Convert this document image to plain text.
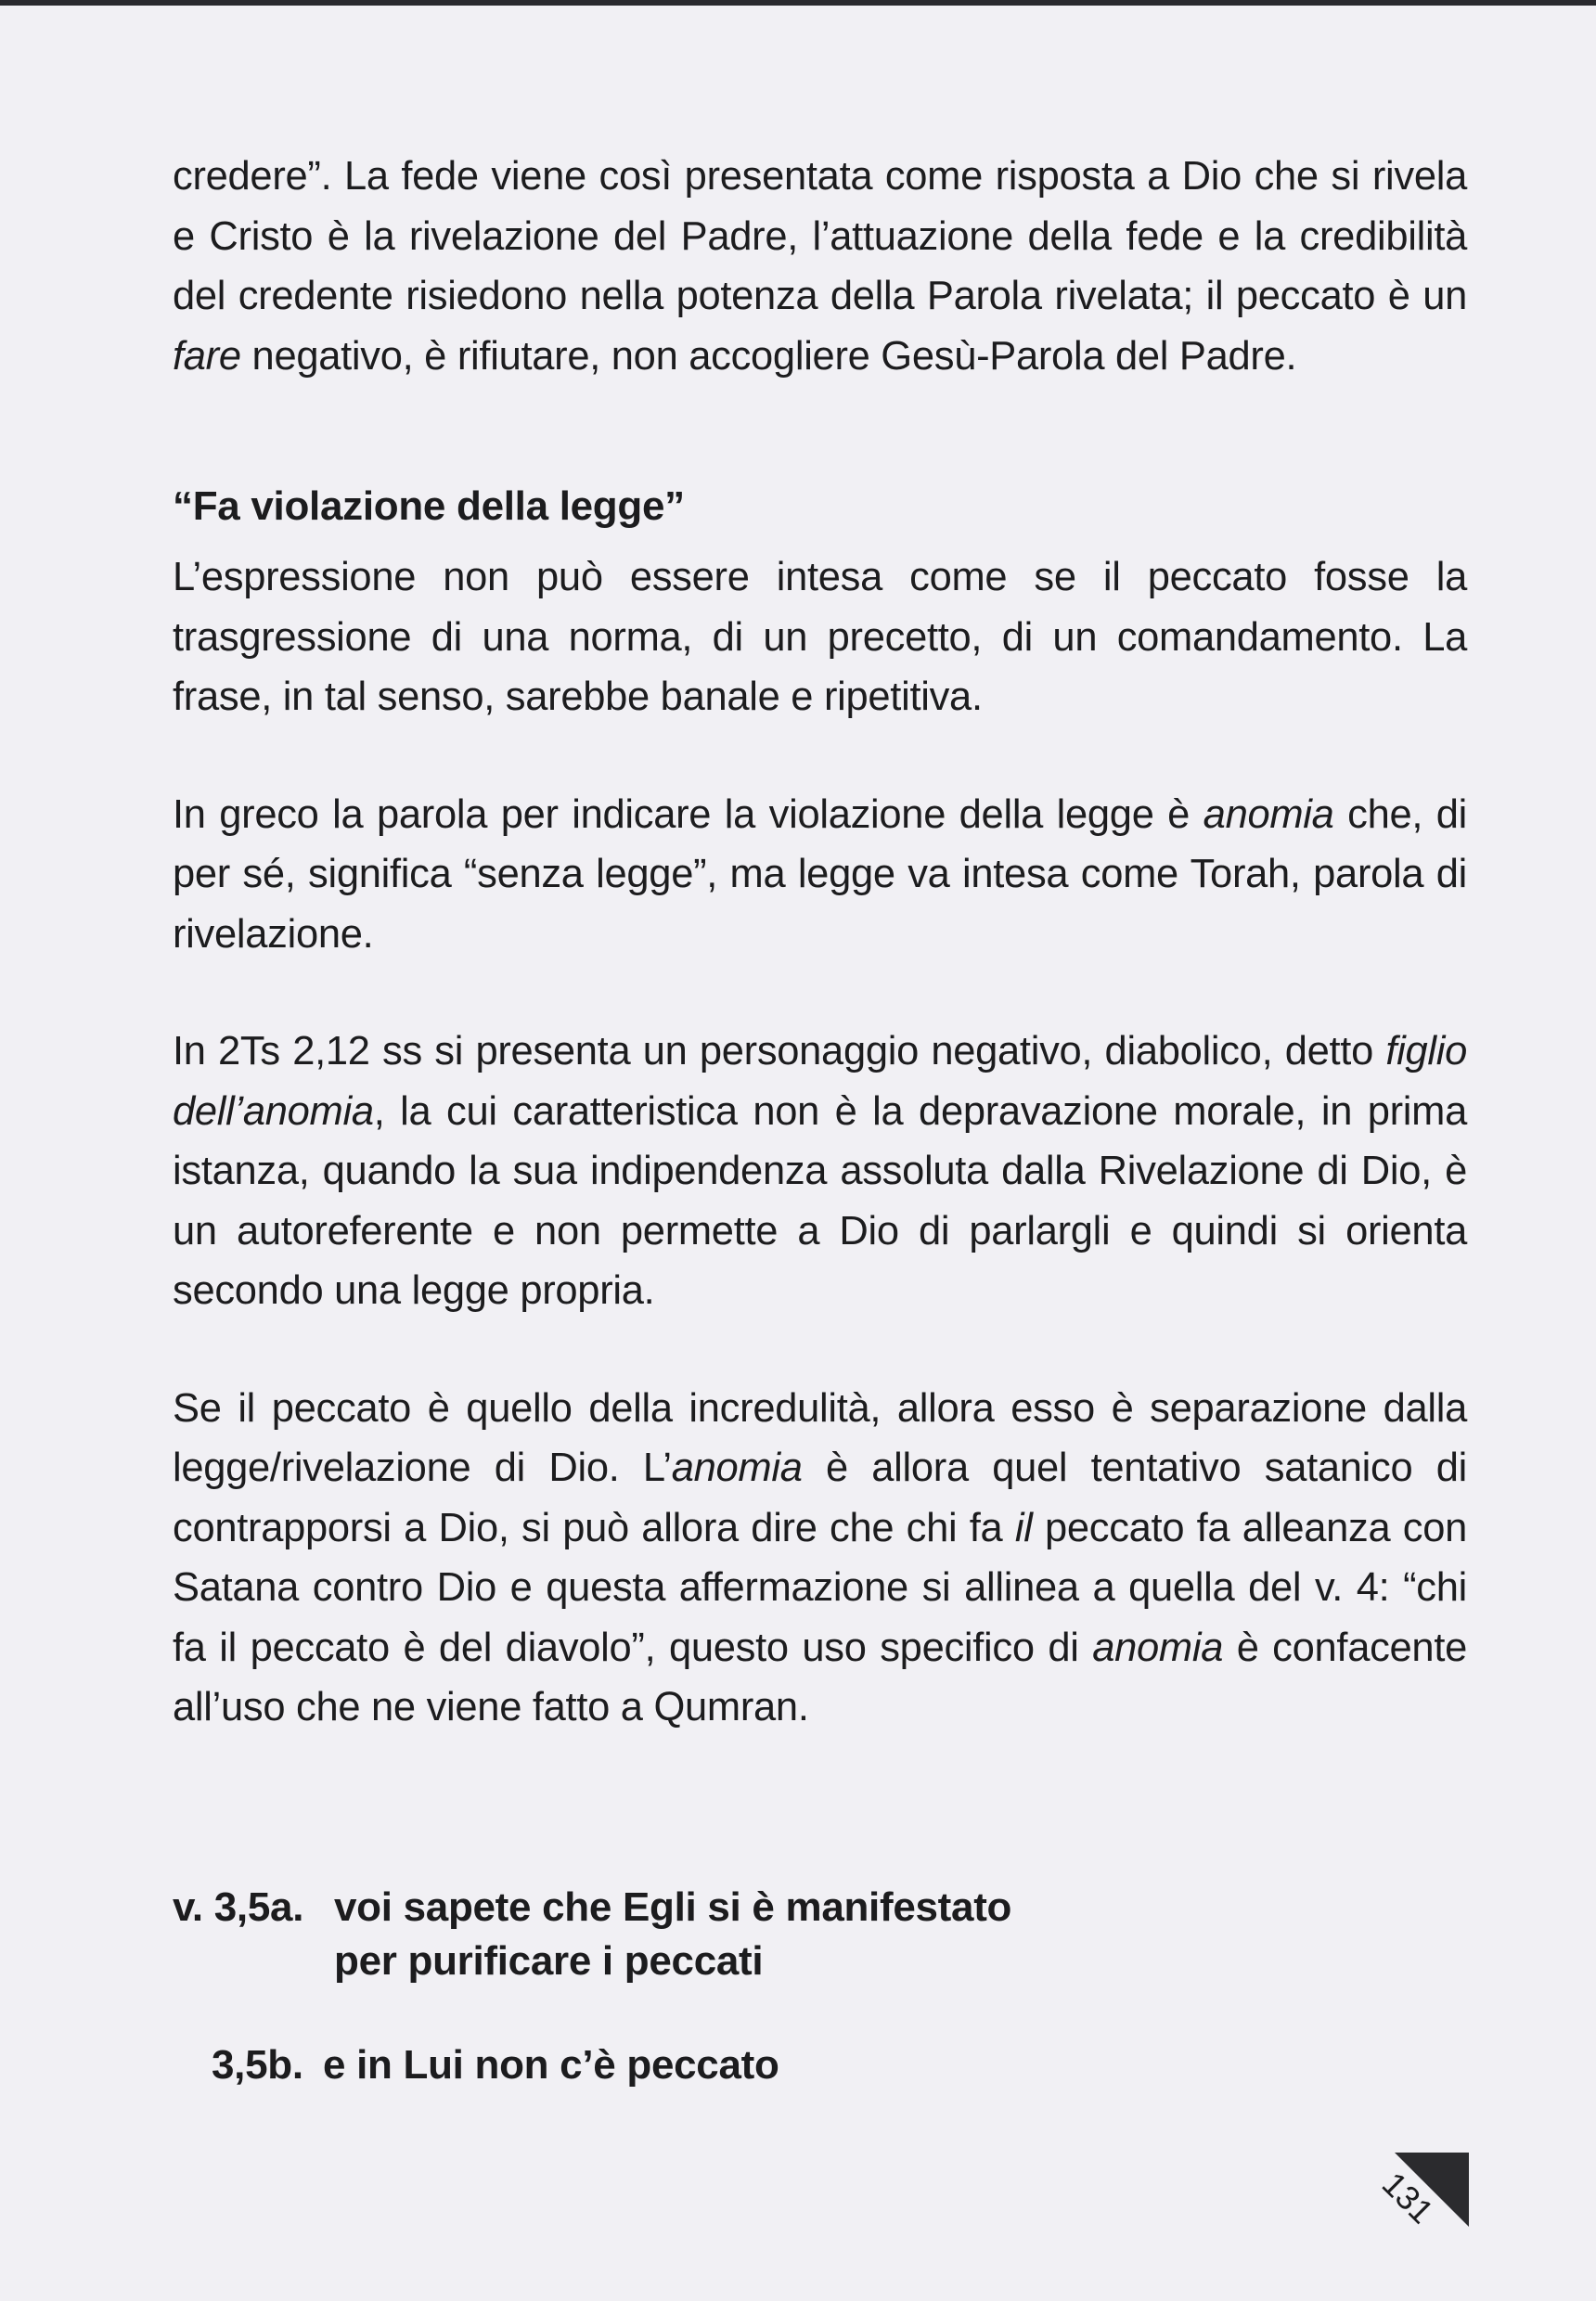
credere”. La fede viene così presentata come risposta a Dio che si rivela e Cristo è la rivelazione del Padre, l’attuazione della fede e la credibilità del credente risiedono nella potenza della Parola rivelata; il peccato è un fare negativo, è rifiutare, non accogliere Gesù-Parola del Padre.

“Fa violazione della legge”

L’espressione non può essere intesa come se il peccato fosse la trasgressione di una norma, di un precetto, di un comandamento. La frase, in tal senso, sarebbe banale e ripetitiva.

In greco la parola per indicare la violazione della legge è anomia che, di per sé, significa “senza legge”, ma legge va intesa come Torah, parola di rivelazione.

In 2Ts 2,12 ss si presenta un personaggio negativo, diabolico, detto figlio dell’anomia, la cui caratteristica non è la depravazione morale, in prima istanza, quando la sua indipendenza assoluta dalla Rivelazione di Dio, è un autoreferente e non permette a Dio di parlargli e quindi si orienta secondo una legge propria.

Se il peccato è quello della incredulità, allora esso è separazione dalla legge/rivelazione di Dio. L’anomia è allora quel tentativo satanico di contrapporsi a Dio, si può allora dire che chi fa il peccato fa alleanza con Satana contro Dio e questa affermazione si allinea a quella del v. 4: “chi fa il peccato è del diavolo”, questo uso specifico di anomia è confacente all’uso che ne viene fatto a Qumran.

v. 3,5a. voi sapete che Egli si è manifestato
per purificare i peccati
3,5b. e in Lui non c’è peccato
131
